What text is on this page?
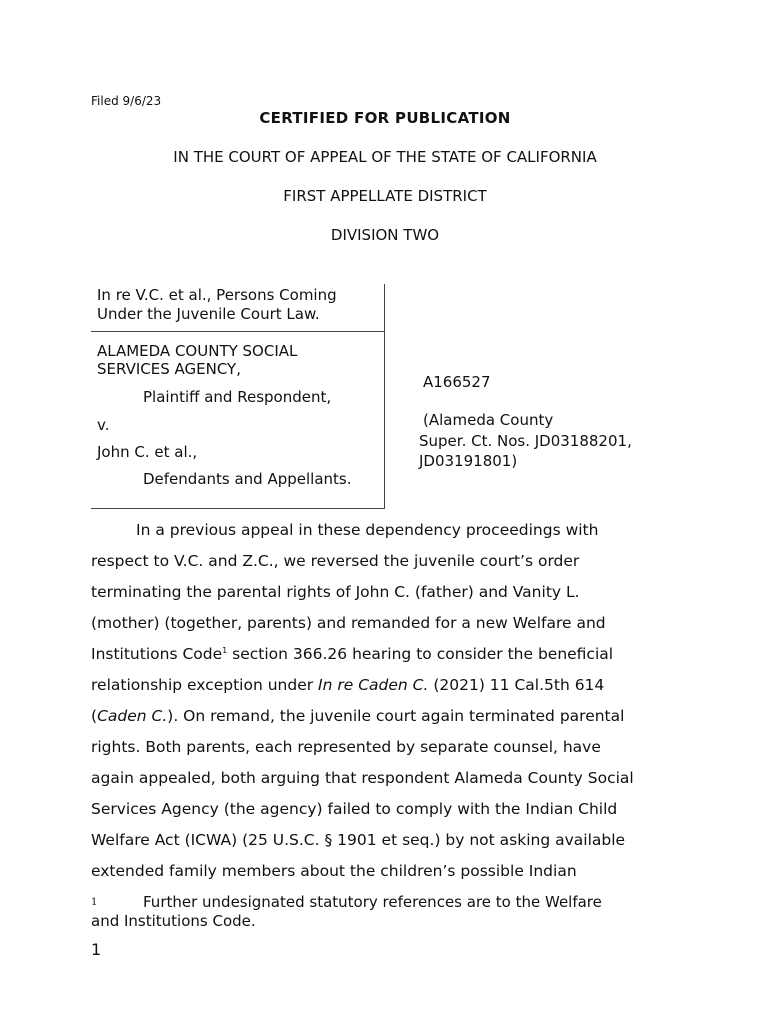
Filed 9/6/23
CERTIFIED FOR PUBLICATION
IN THE COURT OF APPEAL OF THE STATE OF CALIFORNIA
FIRST APPELLATE DISTRICT
DIVISION TWO
In re V.C. et al., Persons Coming
Under the Juvenile Court Law.
ALAMEDA COUNTY SOCIAL
SERVICES AGENCY,
Plaintiff and Respondent,
v.
John C. et al.,
Defendants and Appellants.
A166527
(Alameda County
Super. Ct. Nos. JD03188201,
JD03191801)
In a previous appeal in these dependency proceedings with
respect to V.C. and Z.C., we reversed the juvenile court’s order
terminating the parental rights of John C. (father) and Vanity L.
(mother) (together, parents) and remanded for a new Welfare and
Institutions Code$^1$ section 366.26 hearing to consider the beneficial
relationship exception under In re Caden C. (2021) 11 Cal.5th 614
(Caden C.). On remand, the juvenile court again terminated parental
rights. Both parents, each represented by separate counsel, have
again appealed, both arguing that respondent Alameda County Social
Services Agency (the agency) failed to comply with the Indian Child
Welfare Act (ICWA) (25 U.S.C. § 1901 et seq.) by not asking available
extended family members about the children’s possible Indian
1	Further undesignated statutory references are to the Welfare
and Institutions Code.
1
